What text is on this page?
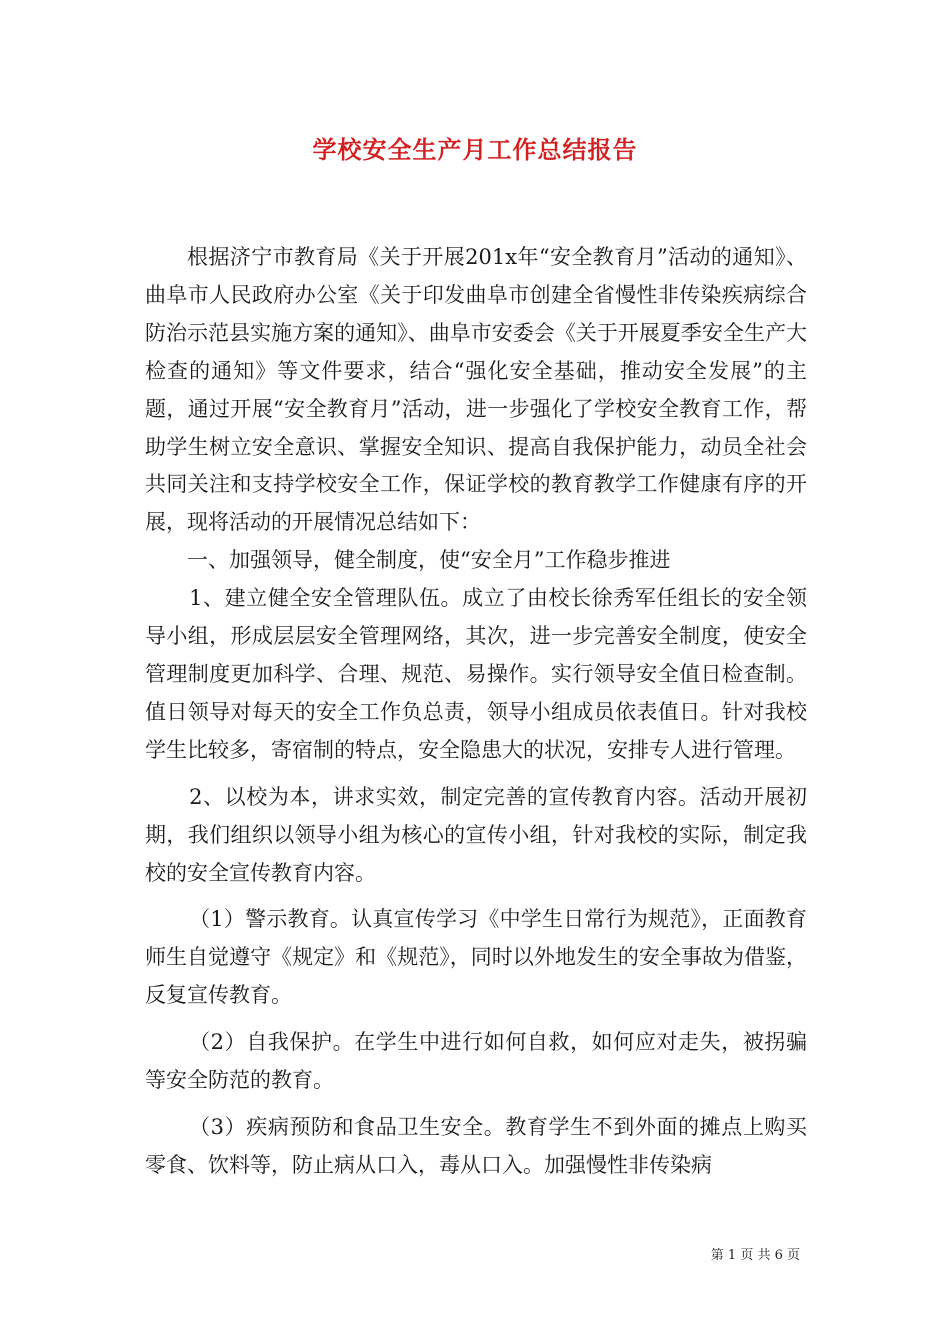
学校安全生产月工作总结报告

根据济宁市教育局《关于开展201x年“安全教育月”活动的通知》、曲阜市人民政府办公室《关于印发曲阜市创建全省慢性非传染疾病综合防治示范县实施方案的通知》、曲阜市安委会《关于开展夏季安全生产大检查的通知》等文件要求，结合“强化安全基础，推动安全发展”的主题，通过开展“安全教育月”活动，进一步强化了学校安全教育工作，帮助学生树立安全意识、掌握安全知识、提高自我保护能力，动员全社会共同关注和支持学校安全工作，保证学校的教育教学工作健康有序的开展，现将活动的开展情况总结如下：

一、加强领导，健全制度，使“安全月”工作稳步推进

1、建立健全安全管理队伍。成立了由校长徐秀军任组长的安全领导小组，形成层层安全管理网络，其次，进一步完善安全制度，使安全管理制度更加科学、合理、规范、易操作。实行领导安全值日检查制。值日领导对每天的安全工作负总责，领导小组成员依表值日。针对我校学生比较多，寄宿制的特点，安全隐患大的状况，安排专人进行管理。

2、以校为本，讲求实效，制定完善的宣传教育内容。活动开展初期，我们组织以领导小组为核心的宣传小组，针对我校的实际，制定我校的安全宣传教育内容。

（1）警示教育。认真宣传学习《中学生日常行为规范》，正面教育师生自觉遵守《规定》和《规范》，同时以外地发生的安全事故为借鉴，反复宣传教育。

（2）自我保护。在学生中进行如何自救，如何应对走失，被拐骗等安全防范的教育。

（3）疾病预防和食品卫生安全。教育学生不到外面的摊点上购买零食、饮料等，防止病从口入，毒从口入。加强慢性非传染病

第 1 页 共 6 页
